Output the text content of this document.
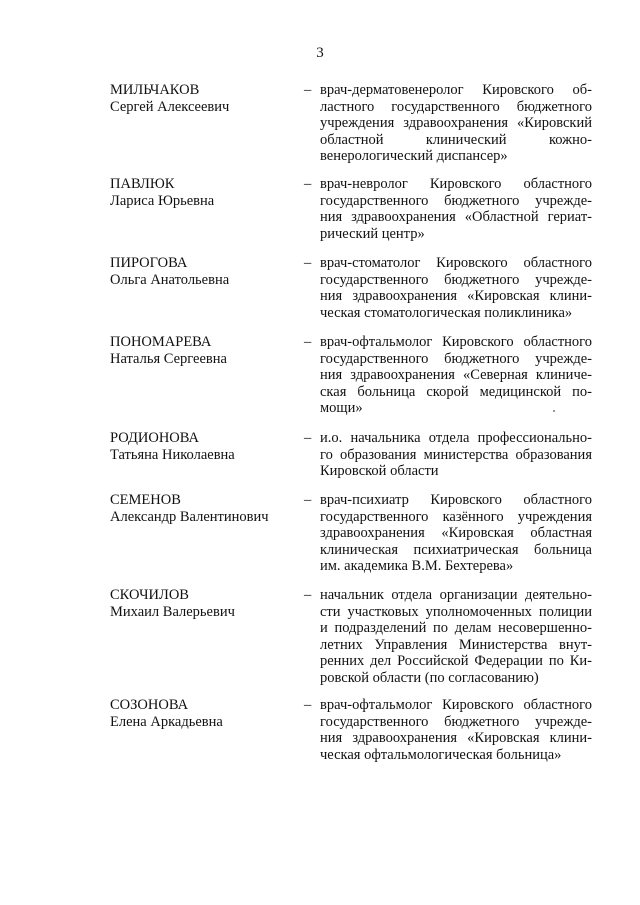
3
МИЛЬЧАКОВ
Сергей Алексеевич
– врач-дерматовенеролог Кировского об-
ластного государственного бюджетного
учреждения здравоохранения «Кировский
областной клинический кожно-
венерологический диспансер»
ПАВЛЮК
Лариса Юрьевна
– врач-невролог Кировского областного
государственного бюджетного учрежде-
ния здравоохранения «Областной гериат-
рический центр»
ПИРОГОВА
Ольга Анатольевна
– врач-стоматолог Кировского областного
государственного бюджетного учрежде-
ния здравоохранения «Кировская клини-
ческая стоматологическая поликлиника»
ПОНОМАРЕВА
Наталья Сергеевна
– врач-офтальмолог Кировского областного
государственного бюджетного учрежде-
ния здравоохранения «Северная клиниче-
ская больница скорой медицинской по-
мощи»
РОДИОНОВА
Татьяна Николаевна
– и.о. начальника отдела профессионально-
го образования министерства образования
Кировской области
СЕМЕНОВ
Александр Валентинович
– врач-психиатр Кировского областного
государственного казённого учреждения
здравоохранения «Кировская областная
клиническая психиатрическая больница
им. академика В.М. Бехтерева»
СКОЧИЛОВ
Михаил Валерьевич
– начальник отдела организации деятельно-
сти участковых уполномоченных полиции
и подразделений по делам несовершенно-
летних Управления Министерства внут-
ренних дел Российской Федерации по Ки-
ровской области (по согласованию)
СОЗОНОВА
Елена Аркадьевна
– врач-офтальмолог Кировского областного
государственного бюджетного учрежде-
ния здравоохранения «Кировская клини-
ческая офтальмологическая больница»
